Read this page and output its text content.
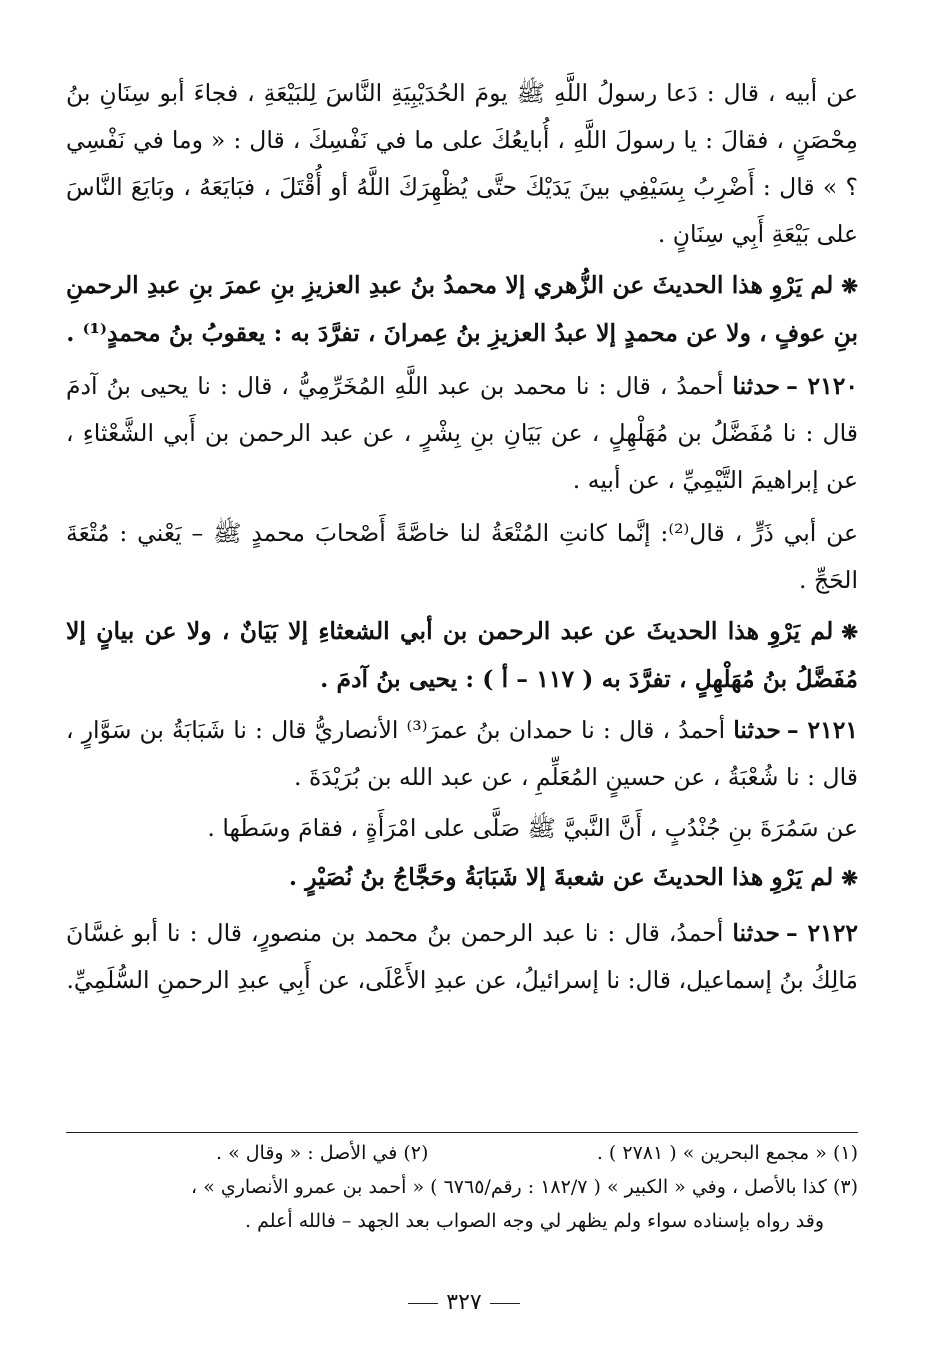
عن أبيه ، قال : دَعا رسولُ اللَّهِ ﷺ يومَ الحُدَيْبِيَةِ النَّاسَ لِلبَيْعَةِ ، فجاءَ أبو سِنَانِ بنُ مِحْصَنٍ ، فقالَ : يا رسولَ اللَّهِ ، أُبايعُكَ على ما في نَفْسِكَ ، قال : « وما في نَفْسِي ؟ » قال : أَضْرِبُ بِسَيْفِي بينَ يَدَيْكَ حتَّى يُظْهِرَكَ اللَّهُ أو أُقْتَلَ ، فبَايَعَهُ ، وبَايَعَ النَّاسَ على بَيْعَةِ أَبِي سِنَانٍ .

❋لم يَرْوِ هذا الحديثَ عن الزُّهري إلا محمدُ بنُ عبدِ العزيزِ بنِ عمرَ بنِ عبدِ الرحمنِ بنِ عوفٍ ، ولا عن محمدٍ إلا عبدُ العزيزِ بنُ عِمرانَ ، تفرَّدَ به : يعقوبُ بنُ محمدٍ⁽¹⁾ .

٢١٢٠ –حدثنا أحمدُ ، قال : نا محمد بن عبد اللَّهِ المُخَرِّمِيُّ ، قال : نا يحيى بنُ آدمَ قال : نا مُفَضَّلُ بن مُهَلْهِلٍ ، عن بَيَانِ بنِ بِشْرٍ ، عن عبد الرحمن بن أَبي الشَّعْثاءِ ، عن إبراهيمَ التَّيْمِيِّ ، عن أبيه .

عن أبي ذَرٍّ ، قال⁽²⁾: إنَّما كانتِ المُتْعَةُ لنا خاصَّةً أَصْحابَ محمدٍ ﷺ – يَعْني : مُتْعَةَ الحَجِّ .

❋لم يَرْوِ هذا الحديثَ عن عبد الرحمن بن أبي الشعثاءِ إلا بَيَانٌ ، ولا عن بيانٍ إلا مُفَضَّلُ بنُ مُهَلْهِلٍ ، تفرَّدَ به ( ١١٧ – أ ) : يحيى بنُ آدمَ .

٢١٢١ –حدثنا أحمدُ ، قال : نا حمدان بنُ عمرَ⁽³⁾ الأنصاريُّ قال : نا شَبَابَةُ بن سَوَّارٍ ، قال : نا شُعْبَةُ ، عن حسينٍ المُعَلِّمِ ، عن عبد الله بن بُرَيْدَةَ .

عن سَمُرَةَ بنِ جُنْدُبٍ ، أَنَّ النَّبيَّ ﷺ صَلَّى على امْرَأَةٍ ، فقامَ وسَطَها .

❋لم يَرْوِ هذا الحديثَ عن شعبةَ إلا شَبَابَةُ وحَجَّاجُ بنُ نُصَيْرٍ .

٢١٢٢ –حدثنا أحمدُ، قال : نا عبد الرحمن بنُ محمد بن منصورٍ، قال : نا أبو غسَّانَ مَالِكُ بنُ إسماعيل، قال: نا إسرائيلُ، عن عبدِ الأَعْلَى، عن أَبِي عبدِ الرحمنِ السُّلَمِيِّ.

(١) « مجمع البحرين » ( ٢٧٨١ ) .
(٢) في الأصل : « وقال » .
(٣) كذا بالأصل ، وفي « الكبير » ( ١٨٢/٧ : رقم/٦٧٦٥ ) « أحمد بن عمرو الأنصاري » ،
وقد رواه بإسناده سواء ولم يظهر لي وجه الصواب بعد الجهد – فالله أعلم .
٣٢٧
